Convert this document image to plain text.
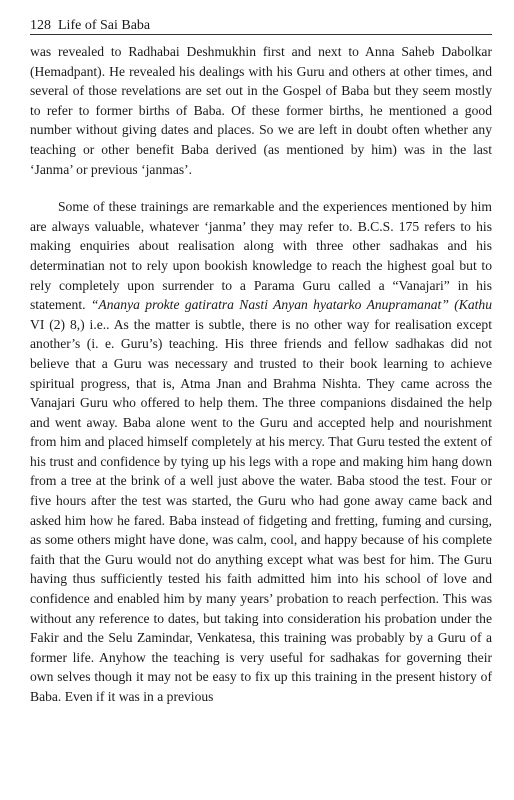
128 Life of Sai Baba

was revealed to Radhabai Deshmukhin first and next to Anna Saheb Dabolkar (Hemadpant). He revealed his dealings with his Guru and others at other times, and several of those revelations are set out in the Gospel of Baba but they seem mostly to refer to former births of Baba. Of these former births, he mentioned a good number without giving dates and places. So we are left in doubt often whether any teaching or other benefit Baba derived (as mentioned by him) was in the last ‘Janma’ or previous ‘janmas’.

Some of these trainings are remarkable and the experiences mentioned by him are always valuable, whatever ‘janma’ they may refer to. B.C.S. 175 refers to his making enquiries about realisation along with three other sadhakas and his determinatian not to rely upon bookish knowledge to reach the highest goal but to rely completely upon surrender to a Parama Guru called a “Vanajari” in his statement. “Ananya prokte gatiratra Nasti Anyan hyatarko Anupramanat” (Kathu VI (2) 8,) i.e.. As the matter is subtle, there is no other way for realisation except another’s (i. e. Guru’s) teaching. His three friends and fellow sadhakas did not believe that a Guru was necessary and trusted to their book learning to achieve spiritual progress, that is, Atma Jnan and Brahma Nishta. They came across the Vanajari Guru who offered to help them. The three companions disdained the help and went away. Baba alone went to the Guru and accepted help and nourishment from him and placed himself completely at his mercy. That Guru tested the extent of his trust and confidence by tying up his legs with a rope and making him hang down from a tree at the brink of a well just above the water. Baba stood the test. Four or five hours after the test was started, the Guru who had gone away came back and asked him how he fared. Baba instead of fidgeting and fretting, fuming and cursing, as some others might have done, was calm, cool, and happy because of his complete faith that the Guru would not do anything except what was best for him. The Guru having thus sufficiently tested his faith admitted him into his school of love and confidence and enabled him by many years’ probation to reach perfection. This was without any reference to dates, but taking into consideration his probation under the Fakir and the Selu Zamindar, Venkatesa, this training was probably by a Guru of a former life. Anyhow the teaching is very useful for sadhakas for governing their own selves though it may not be easy to fix up this training in the present history of Baba. Even if it was in a previous
